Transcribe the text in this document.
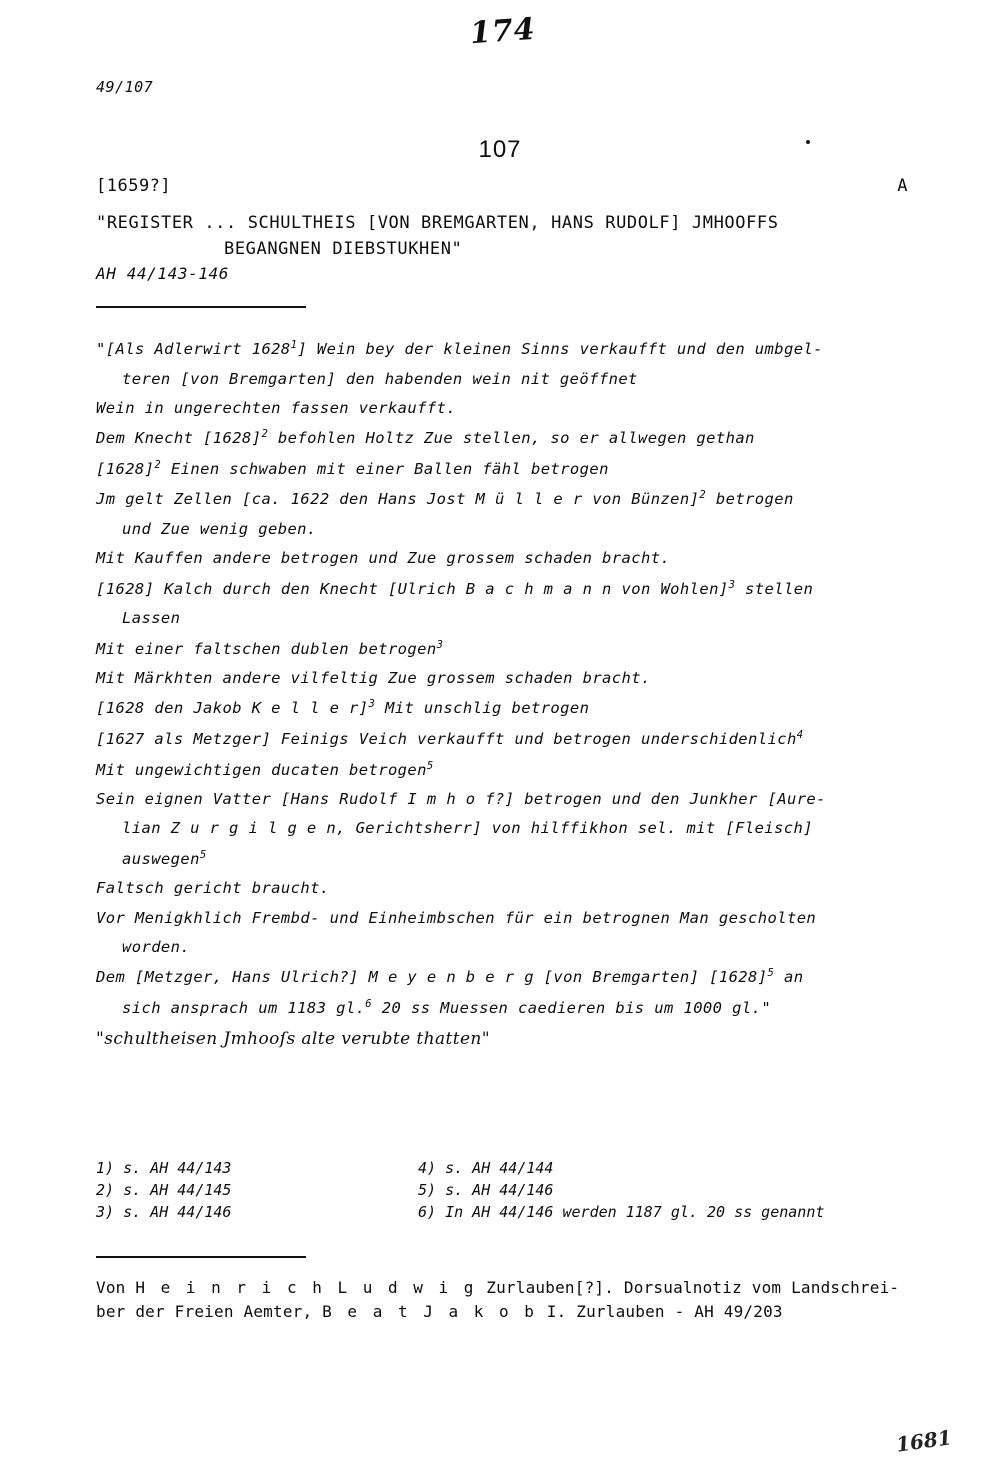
174
49/107
107
[1659?]	A
"REGISTER ... SCHULTHEIS [VON BREMGARTEN, HANS RUDOLF] JMHOOFFS
BEGANGNEN DIEBSTUKHEN"
AH 44/143-146

"[Als Adlerwirt 1628$^1$] Wein bey der kleinen Sinns verkaufft und den umbgel-

teren [von Bremgarten] den habenden wein nit geöffnet

Wein in ungerechten fassen verkaufft.

Dem Knecht $[1628]^2$ befohlen Holtz Zue stellen, so er allwegen gethan

$[1628]^2$ Einen schwaben mit einer Ballen fähl betrogen

Jm gelt Zellen [ca. 1622 den Hans Jost M ü l l e r von Bünzen]$^2$ betrogen

und Zue wenig geben.

Mit Kauffen andere betrogen und Zue grossem schaden bracht.

[1628] Kalch durch den Knecht [Ulrich B a c h m a n n von Wohlen]$^3$ stellen

Lassen

Mit einer faltschen dublen betrogen$^3$

Mit Märkhten andere vilfeltig Zue grossem schaden bracht.

[1628 den Jakob K e l l e r]$^3$ Mit unschlig betrogen

[1627 als Metzger] Feinigs Veich verkaufft und betrogen underschidenlich$^4$

Mit ungewichtigen ducaten betrogen$^5$

Sein eignen Vatter [Hans Rudolf I m h o f?] betrogen und den Junkher [Aure-

lian Z u r g i l g e n, Gerichtsherr] von hilffikhon sel. mit [Fleisch]

auswegen$^5$

Faltsch gericht braucht.

Vor Menigkhlich Frembd- und Einheimbschen für ein betrognen Man gescholten

worden.

Dem [Metzger, Hans Ulrich?] M e y e n b e r g [von Bremgarten] $[1628]^5$ an

sich ansprach um 1183 gl.$^6$ 20 ss Muessen caedieren bis um 1000 gl."

"schultheisen Jmhooſs alte verubte thatten"

1) s. AH 44/143	4) s. AH 44/144
2) s. AH 44/145	5) s. AH 44/146
3) s. AH 44/146	6) In AH 44/146 werden 1187 gl. 20 ss genannt
Von H e i n r i c h L u d w i g Zurlauben[?]. Dorsualnotiz vom Landschrei-
ber der Freien Aemter, B e a t J a k o b I. Zurlauben - AH 49/203
1681
